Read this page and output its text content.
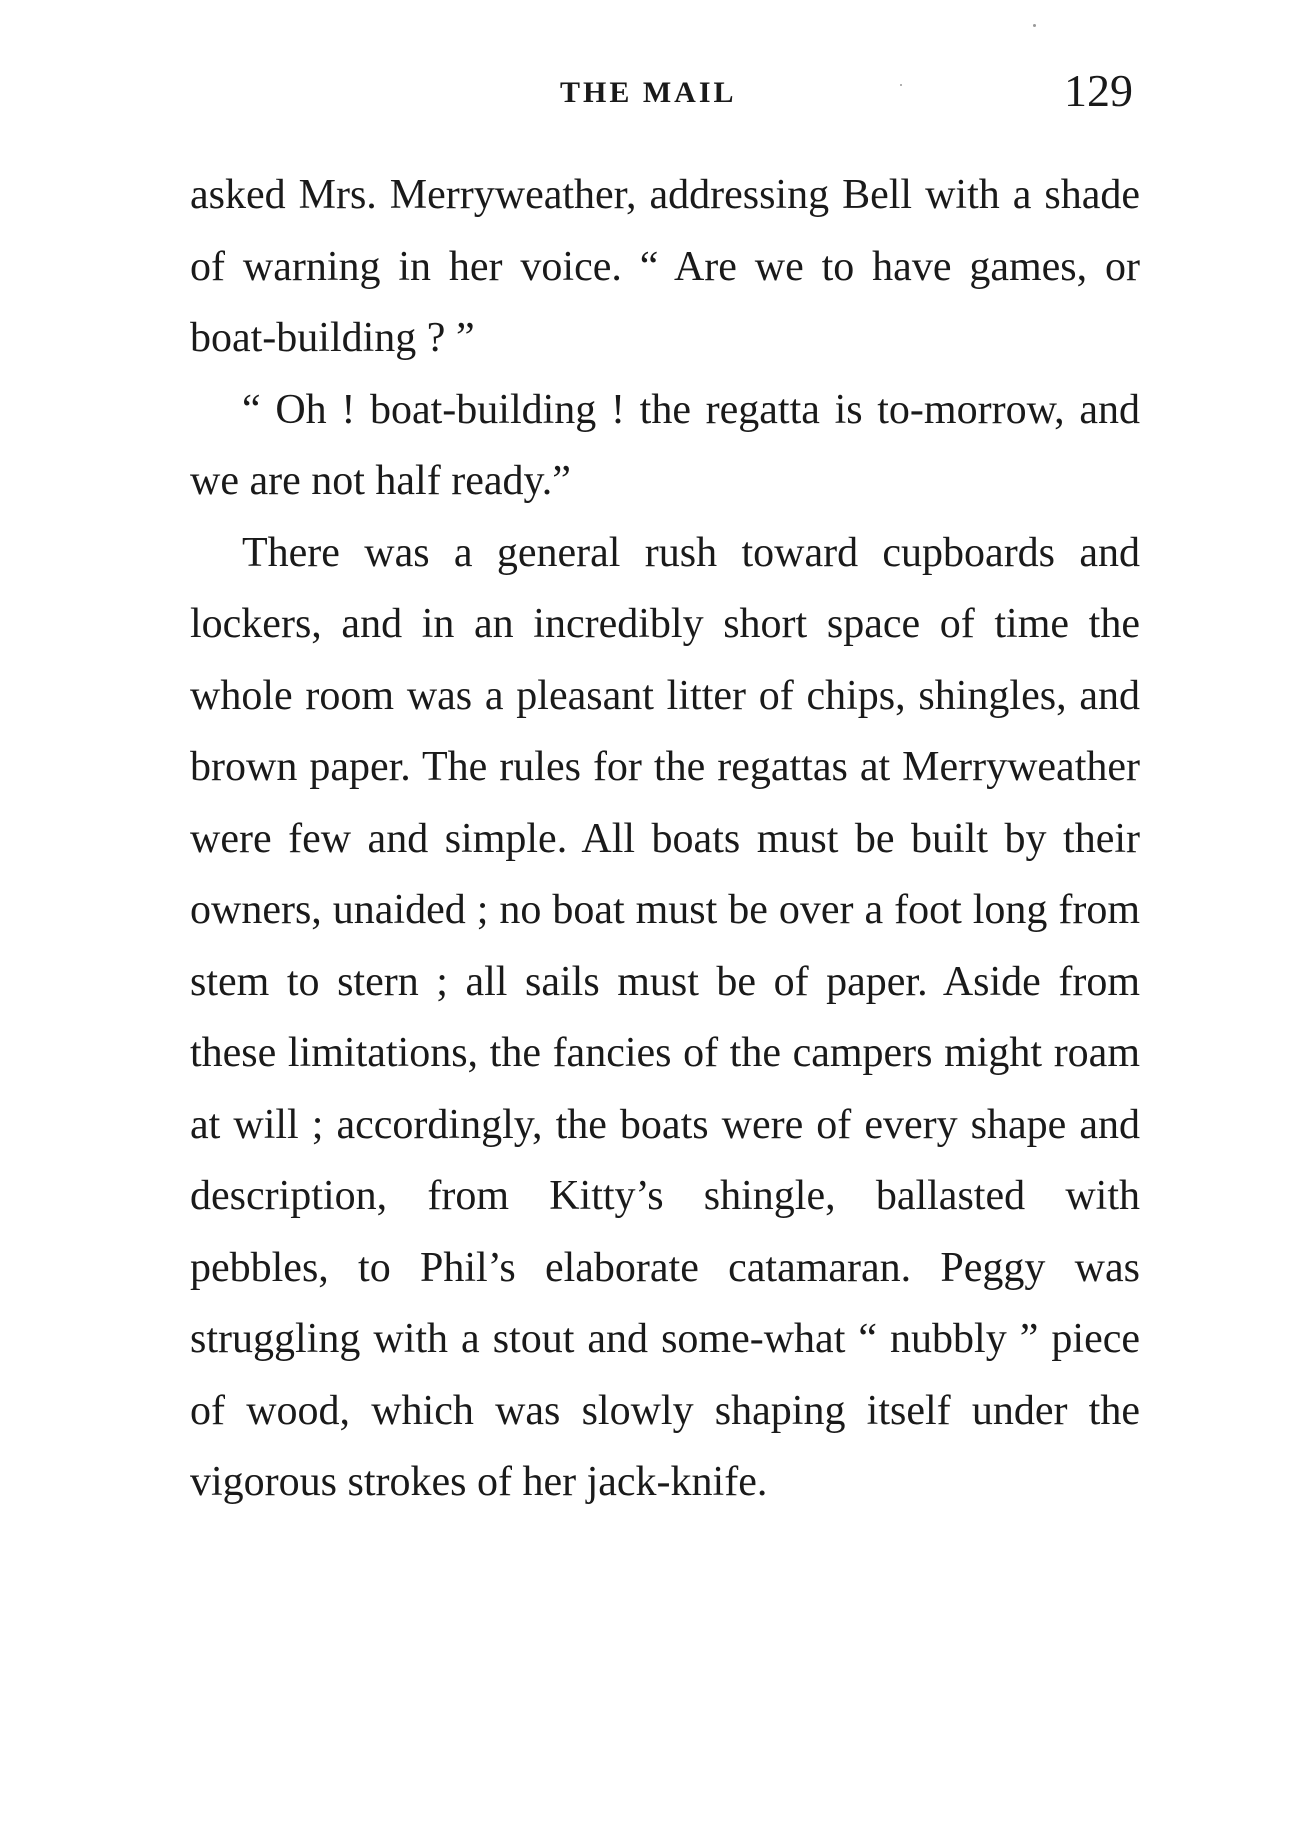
THE MAIL	129

asked Mrs. Merryweather, addressing Bell with a shade of warning in her voice. “ Are we to have games, or boat-building ? ”

“ Oh ! boat-building ! the regatta is to-morrow, and we are not half ready.”

There was a general rush toward cupboards and lockers, and in an incredibly short space of time the whole room was a pleasant litter of chips, shingles, and brown paper. The rules for the regattas at Merryweather were few and simple. All boats must be built by their owners, unaided ; no boat must be over a foot long from stem to stern ; all sails must be of paper. Aside from these limitations, the fancies of the campers might roam at will ; accordingly, the boats were of every shape and description, from Kitty’s shingle, ballasted with pebbles, to Phil’s elaborate catamaran. Peggy was struggling with a stout and some-what “ nubbly ” piece of wood, which was slowly shaping itself under the vigorous strokes of her jack-knife.
